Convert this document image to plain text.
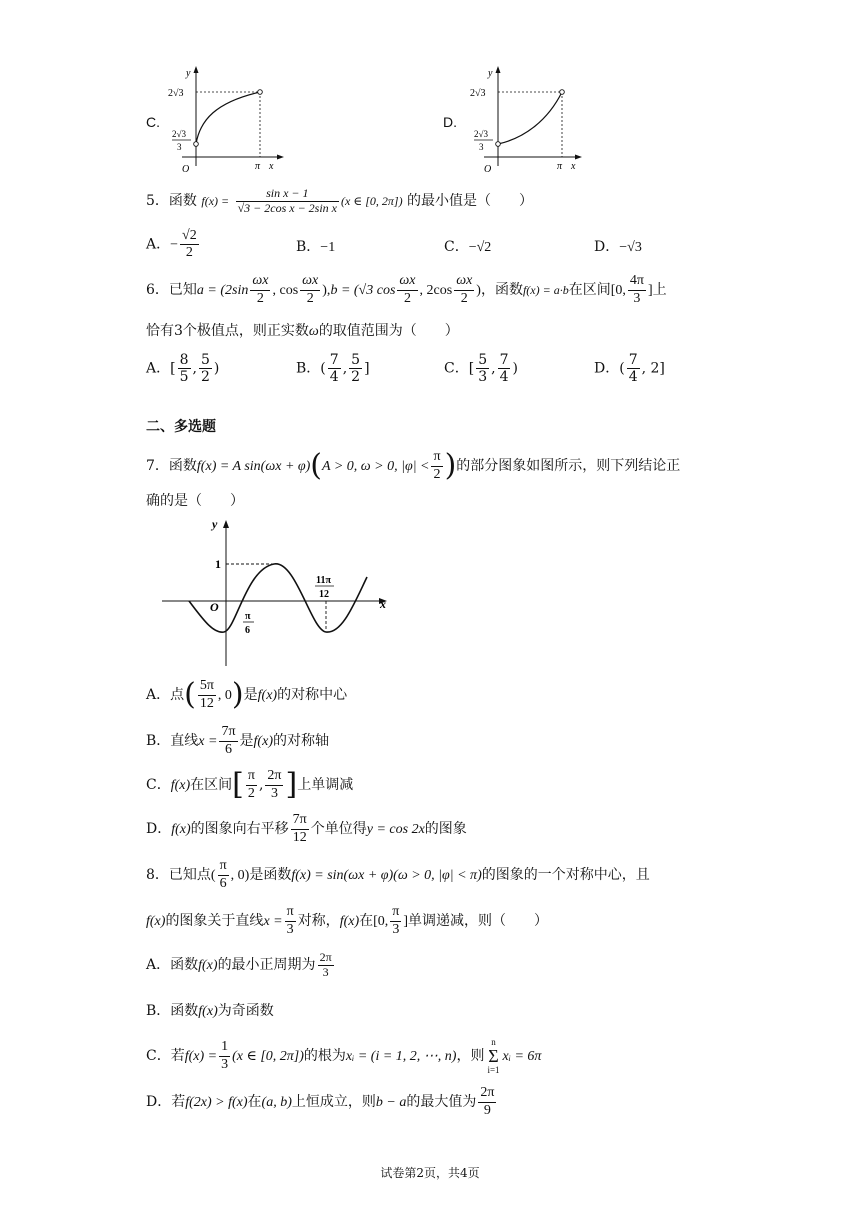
C.
y
x
O
2√3
2√3
3
π
D.
y
x
O
2√3
2√3
3
π
5．函数 $f(x) = \frac{\text{sin x − 1}}{\text{√3 − 2cos x − 2sin x}} (x$ ∈ [0, 2π]) 的最小值是（　　）
A．− $\frac{√2}{2}$	B．−1	C．−√2	D．−√3
6．已知$a = (2\sin \frac{\omega x}{2}$ , $\cos \frac{\omega x}{2} ),b = (√3$ $\cos \frac{\omega x}{2}$ , $2\cos \frac{\omega x}{2}$ )，函数f(x) = a·b在区间[0, $\frac{4\pi}{3}$ ]上
恰有3个极值点，则正实数ω的取值范围为（　　）
A．[ $\frac{8}{5}$ , $\frac{5}{2}$ )	B．( $\frac{7}{4}$ , $\frac{5}{2}$ ]	C．[ $\frac{5}{3}$ , $\frac{7}{4}$ )	D．( $\frac{7}{4}$ , 2]
二、多选题
7．函数f(x) = A sin(ωx + φ)(A > 0, ω > 0, $|\varphi| < \frac{\pi}{2}$ )的部分图象如图所示，则下列结论正
确的是（　　）
y
x
O
1
π
6
11π
12
A．点( $\frac{5\pi}{12}$ , 0)是f(x)的对称中心
B．直线$x = \frac{7\pi}{6}$ 是f(x)的对称轴
C．f(x)在区间[ $\frac{\pi}{2}$ , $\frac{2\pi}{3}$ ]上单调减
D．f(x)的图象向右平移 $\frac{7\pi}{12}$ 个单位得y = cos 2x的图象
8．已知点( $\frac{\pi}{6}$ , 0)是函数f(x) = sin(ωx + φ)(ω > 0, |φ| < π)的图象的一个对称中心，且
f(x)的图象关于直线$x = \frac{\pi}{3}$ 对称，f(x)在[0, $\frac{\pi}{3}$ ]单调递减，则（　　）
A．函数f(x)的最小正周期为 $\frac{2\pi}{3}$
B．函数f(x)为奇函数
C．若$f(x) = \frac{1}{3} (x$ ∈ [0, 2π])的根为xᵢ = (i = 1, 2, ⋯, n)，则
n
Σ
i=1
xᵢ = 6π
D．若f(2x) > f(x)在(a, b)上恒成立，则b − a的最大值为 $\frac{2\pi}{9}$
试卷第2页，共4页
